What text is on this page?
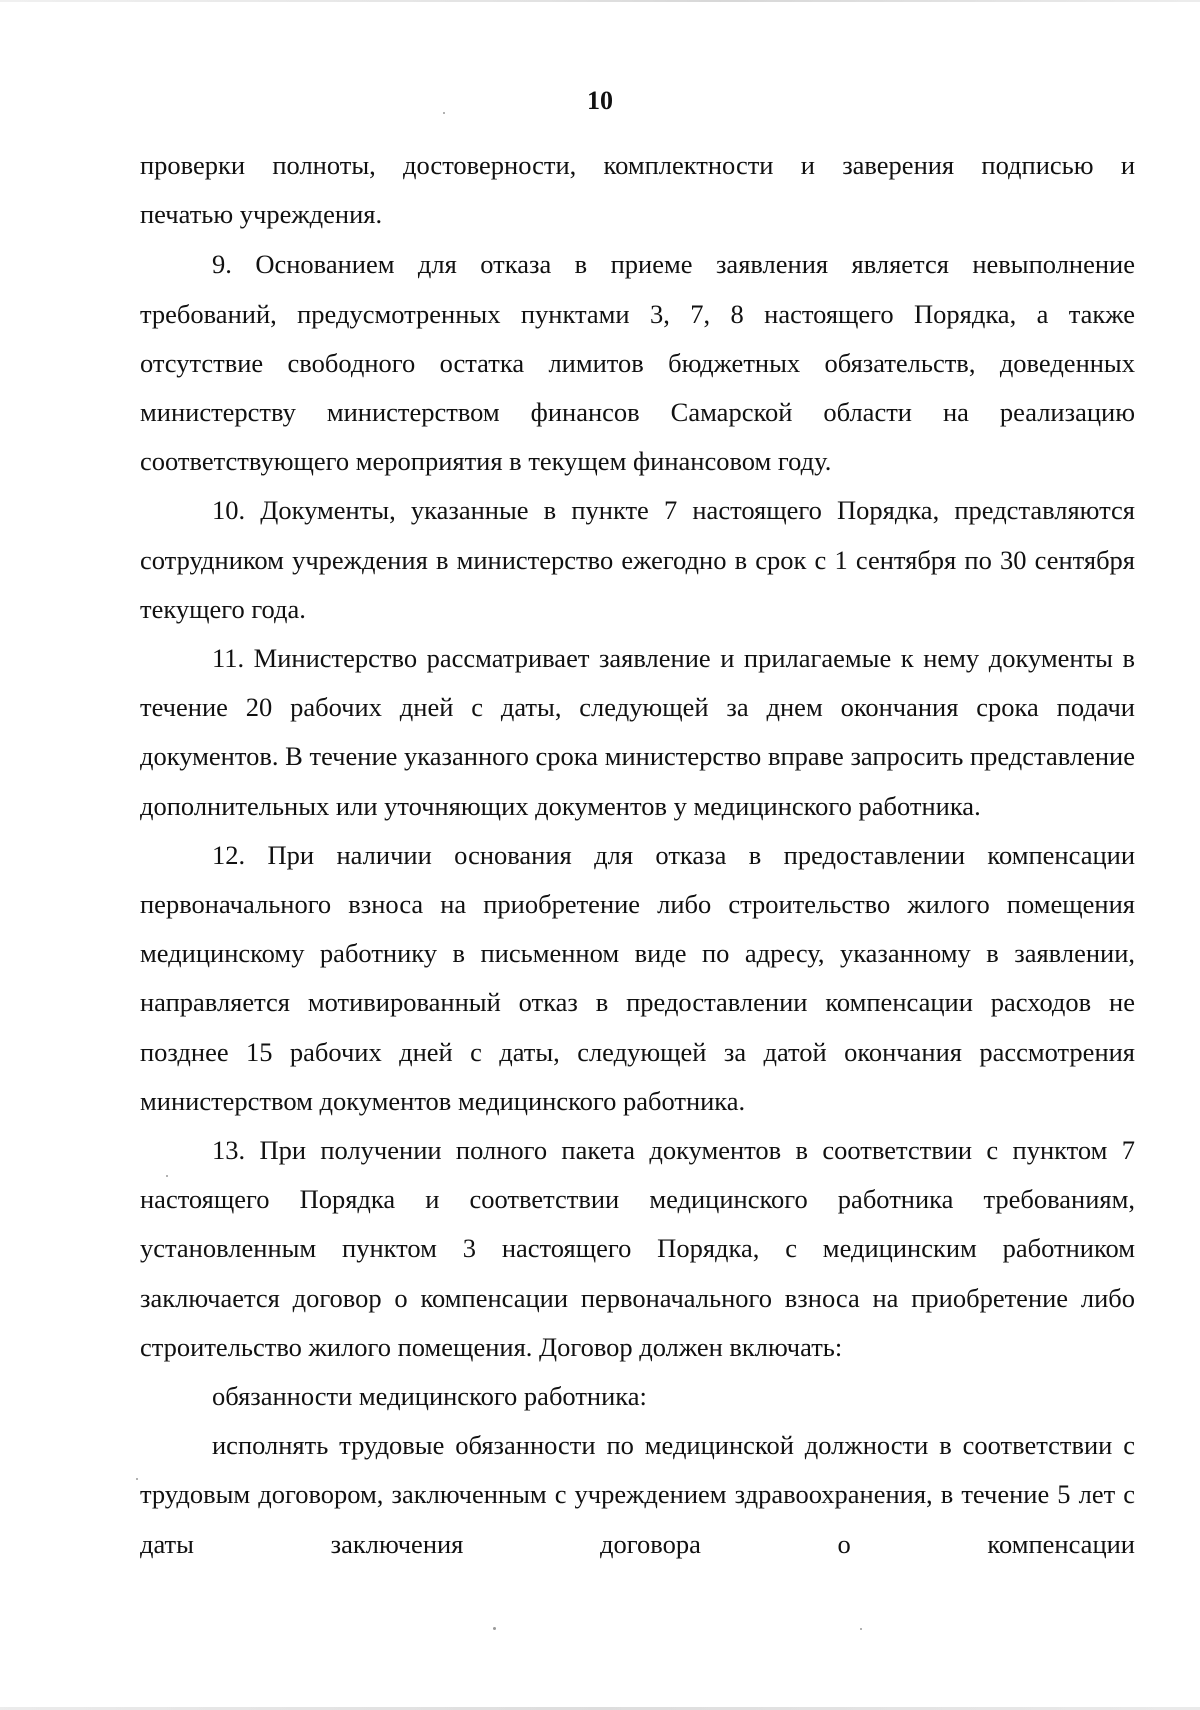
10

проверки полноты, достоверности, комплектности и заверения подписью и

печатью учреждения.

9. Основанием для отказа в приеме заявления является невыполнение требований, предусмотренных пунктами 3, 7, 8 настоящего Порядка, а также отсутствие свободного остатка лимитов бюджетных обязательств, доведенных министерству министерством финансов Самарской области на реализацию соответствующего мероприятия в текущем финансовом году.

10. Документы, указанные в пункте 7 настоящего Порядка, представляются сотрудником учреждения в министерство ежегодно в срок с 1 сентября по 30 сентября текущего года.

11. Министерство рассматривает заявление и прилагаемые к нему документы в течение 20 рабочих дней с даты, следующей за днем окончания срока подачи документов. В течение указанного срока министерство вправе запросить представление дополнительных или уточняющих документов у медицинского работника.

12. При наличии основания для отказа в предоставлении компенсации первоначального взноса на приобретение либо строительство жилого помещения медицинскому работнику в письменном виде по адресу, указанному в заявлении, направляется мотивированный отказ в предоставлении компенсации расходов не позднее 15 рабочих дней с даты, следующей за датой окончания рассмотрения министерством документов медицинского работника.

13. При получении полного пакета документов в соответствии с пунктом 7 настоящего Порядка и соответствии медицинского работника требованиям, установленным пунктом 3 настоящего Порядка, с медицинским работником заключается договор о компенсации первоначального взноса на приобретение либо строительство жилого помещения. Договор должен включать:

обязанности медицинского работника:

исполнять трудовые обязанности по медицинской должности в соответствии с трудовым договором, заключенным с учреждением здравоохранения, в течение 5 лет с даты заключения договора о компенсации
